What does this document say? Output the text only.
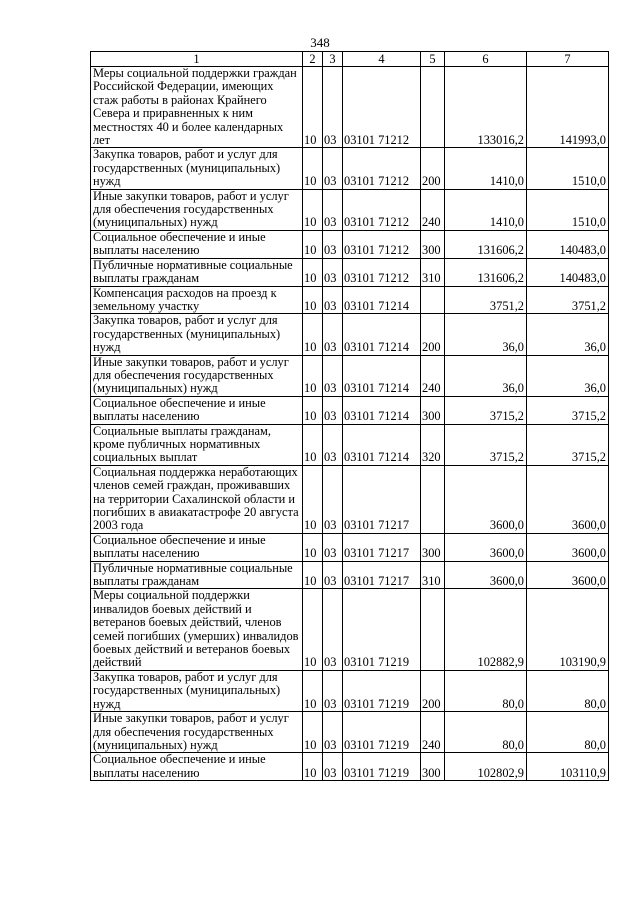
348
1	2	3	4	5	6	7
Меры социальной поддержки граждан Российской Федерации, имеющих стаж работы в районах Крайнего Севера и приравненных к ним местностях 40 и более календарных лет	10	03	03101 71212		133016,2	141993,0
Закупка товаров, работ и услуг для государственных (муниципальных) нужд	10	03	03101 71212	200	1410,0	1510,0
Иные закупки товаров, работ и услуг для обеспечения государственных (муниципальных) нужд	10	03	03101 71212	240	1410,0	1510,0
Социальное обеспечение и иные выплаты населению	10	03	03101 71212	300	131606,2	140483,0
Публичные нормативные социальные выплаты гражданам	10	03	03101 71212	310	131606,2	140483,0
Компенсация расходов на проезд к земельному участку	10	03	03101 71214		3751,2	3751,2
Закупка товаров, работ и услуг для государственных (муниципальных) нужд	10	03	03101 71214	200	36,0	36,0
Иные закупки товаров, работ и услуг для обеспечения государственных (муниципальных) нужд	10	03	03101 71214	240	36,0	36,0
Социальное обеспечение и иные выплаты населению	10	03	03101 71214	300	3715,2	3715,2
Социальные выплаты гражданам, кроме публичных нормативных социальных выплат	10	03	03101 71214	320	3715,2	3715,2
Социальная поддержка неработающих членов семей граждан, проживавших на территории Сахалинской области и погибших в авиакатастрофе 20 августа 2003 года	10	03	03101 71217		3600,0	3600,0
Социальное обеспечение и иные выплаты населению	10	03	03101 71217	300	3600,0	3600,0
Публичные нормативные социальные выплаты гражданам	10	03	03101 71217	310	3600,0	3600,0
Меры социальной поддержки инвалидов боевых действий и ветеранов боевых действий, членов семей погибших (умерших) инвалидов боевых действий и ветеранов боевых действий	10	03	03101 71219		102882,9	103190,9
Закупка товаров, работ и услуг для государственных (муниципальных) нужд	10	03	03101 71219	200	80,0	80,0
Иные закупки товаров, работ и услуг для обеспечения государственных (муниципальных) нужд	10	03	03101 71219	240	80,0	80,0
Социальное обеспечение и иные выплаты населению	10	03	03101 71219	300	102802,9	103110,9
